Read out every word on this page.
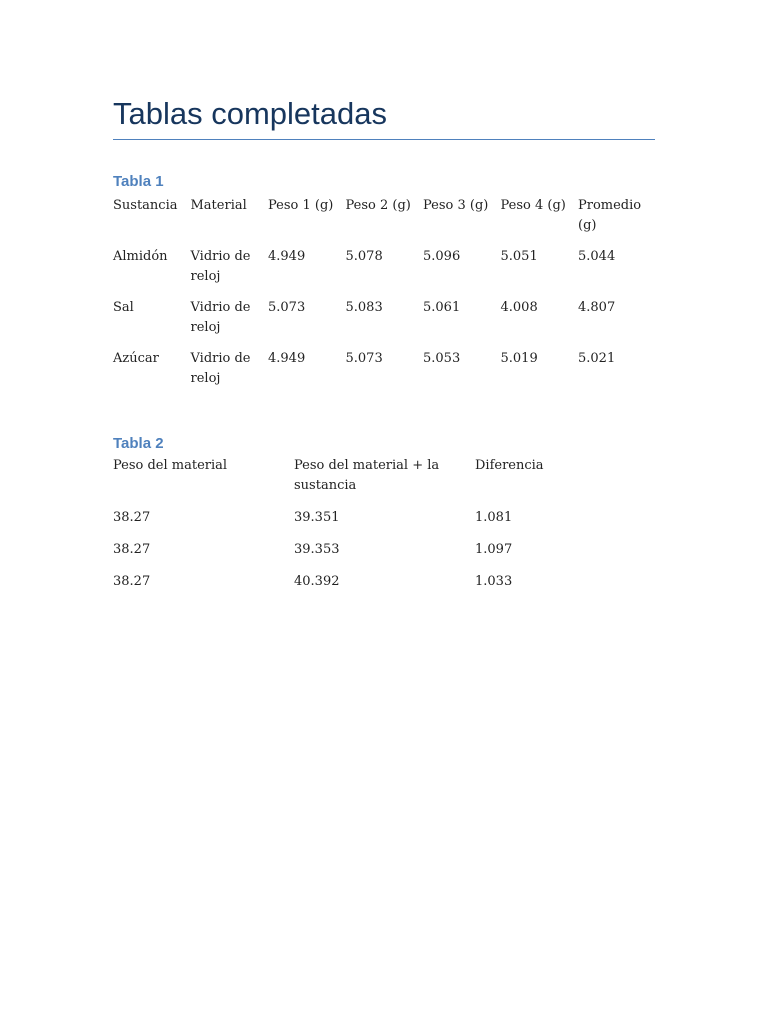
Tablas completadas
Tabla 1
Sustancia	Material	Peso 1 (g)	Peso 2 (g)	Peso 3 (g)	Peso 4 (g)	Promedio (g)
Almidón	Vidrio de reloj	4.949	5.078	5.096	5.051	5.044
Sal	Vidrio de reloj	5.073	5.083	5.061	4.008	4.807
Azúcar	Vidrio de reloj	4.949	5.073	5.053	5.019	5.021
Tabla 2
Peso del material	Peso del material + la sustancia	Diferencia
38.27	39.351	1.081
38.27	39.353	1.097
38.27	40.392	1.033
